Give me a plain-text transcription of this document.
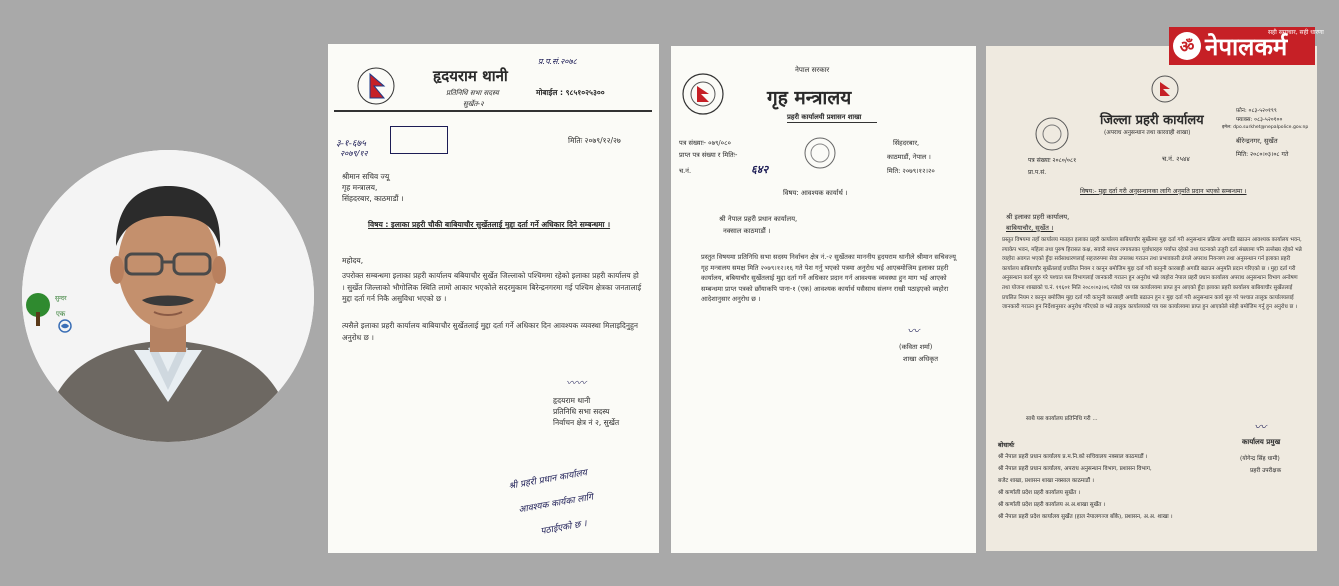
सुन्दर
एक
हृदयराम थानी
प्र.प.सं.२०७८
प्रतिनिधि सभा सदस्य
सुर्खेत-२
मोबाईल : ९८५१०२५३००
३-१-६७५
२०७९/१२
मितिः २०७९/१२/२७
श्रीमान सचिव ज्यू
गृह मन्त्रालय,
सिंहदरबार, काठमाडौं ।
विषय : इलाका प्रहरी चौकी बाबियाचौर सुर्खेतलाई मुद्दा दर्ता गर्ने अधिकार दिने सम्बन्धमा ।
महोदय,
उपरोक्त सम्बन्धमा इलाका प्रहरी कार्यालय बबियाचौर सुर्खेत जिल्लाको पश्चिममा रहेको इलाका प्रहरी कार्यालय हो । सुर्खेत जिल्लाको भौगोलिक स्थिति लामो आकार भएकोले सदरमुकाम बिरेन्द्रनगरमा गई पश्चिम क्षेत्रका जनतालाई मुद्दा दर्ता गर्न निकै असुविधा भएको छ ।
त्यसैले इलाका प्रहरी कार्यालय बाबियाचौर सुर्खेतलाई मुद्दा दर्ता गर्ने अधिकार दिन आवश्यक व्यवस्था मिलाइदिनुहुन अनुरोध छ ।
〰〰
हृदयराम थानी
प्रतिनिधि सभा सदस्य
निर्वाचन क्षेत्र नं २, सुर्खेत
श्री प्रहरी प्रधान कार्यालय
आवश्यक कार्यका लागि
पठाईएको छ ।
नेपाल सरकार
गृह मन्त्रालय
प्रहरी कार्यालयी प्रशासन शाखा
पत्र संख्याः- ०७९/०८०
प्राप्त पत्र संख्या र मितिः-
च.नं.	६४२
सिंहदरबार,
काठमाडौं, नेपाल ।
मिति: २०७९।१२।२०
विषय: आवश्यक कार्यार्थ ।
श्री नेपाल प्रहरी प्रधान कार्यालय,
नक्साल काठमाडौं ।
प्रस्तुत विषयमा प्रतिनिधि सभा सदस्य निर्वाचन क्षेत्र नं.-२ सुर्खेतका माननीय हृदयराम थानीले श्रीमान सचिवज्यू गृह मन्त्रालय समक्ष मिति २०७९।१२।१६ गते पेश गर्नु भएको पत्रमा अनुरोध भई आएबमोजिम इलाका प्रहरी कार्यालय, बबियाचौर सुर्खेतलाई मुद्दा दर्ता गर्ने अधिकार प्रदान गर्न आवश्यक व्यवस्था हुन माग भई आएको सम्बन्धमा प्राप्त पत्रको छाँयाकपि पाना-१ (एक) आवश्यक कार्यार्थ यसैसाथ संलग्न राखी पठाइएको व्यहोरा आदेशानुसार अनुरोध छ ।
〰
(कविता शर्मा)
शाखा अधिकृत
जिल्ला प्रहरी कार्यालय
(अपराध अनुसन्धान तथा कारवाही शाखा)
बीरेन्द्रनगर, सुर्खेत
फ़ोन: ०८३-५२०१९९
फ्याक्स: ०८३-५२०१००
इमेल: dpo.surkhet@nepalpolice.gov.np
पत्र संख्याः २०८०/०८१
प्रा.प.सं.
च.नं. २५४४
मिति: २०८०।०३।०८ गते
विषय:- मुद्दा दर्ता गरी अनुसन्धानका लागि अनुमति प्रदान भएको सम्बन्धमा ।
श्री इलाका प्रहरी कार्यालय,
बाबियाचौर, सुर्खेत ।
प्रस्तुत विषयमा तहाँ कार्यालय मातहत इलाका प्रहरी कार्यालय बाबियाचौर सुर्खेतमा मुद्दा दर्ता गरी अनुसन्धान प्रक्रिया अगाडि बढाउन आवश्यक कार्यालय भवन, ल्याकेप भवन, महिला तथा पुरुष हिरासत कक्ष, सवारी साधन लगायतका पूर्वाधारहरु पर्याप्त रहेको तथा घटनाको उजुरी दर्ता संख्यामा पनि उल्लेख्य रहेको भन्ने व्यहोरा अवगत भएको हुँदा सर्वसाधारणलाई सहजरुपमा सेवा उपलब्ध गराउन तथा प्रभावकारी ढंगले अपराध नियन्त्रण तथा अनुसन्धान गर्न इलाका प्रहरी कार्यालय बाबियाचौर सुर्खेतलाई प्रचलित नियम र कानून बमोजिम मुद्दा दर्ता गरी कानुनी कारबाही अगाडि बढाउन अनुमति प्रदान गरिएको छ । मुद्दा दर्ता गरी अनुसन्धान कार्य सुरु गरे पश्चात यस विभागलाई जानकारी गराउन हुन अनुरोध भन्ने व्यहोरा नेपाल प्रहरी प्रधान कार्यालय अपराध अनुसन्धान विभाग अन्वेषण तथा योजना शाखाको च.नं. ११६०१ मिति २०८०।०३।०६ गतेको पत्र यस कार्यालयमा प्राप्त हुन आएको हुँदा इलाका प्रहरी कार्यालय बाबियाचौर सुर्खेतलाई प्रचलित नियम र कानून बमोजिम मुद्दा दर्ता गरी कानुनी कारबाही अगाडि बढाउन हुन र मुद्दा दर्ता गरी अनुसन्धान कार्य सुरु गरे पश्चात तालुक कार्यालयलाई जानकारी गराउन हुन निर्देशानुसार अनुरोध गरिएको छ भन्ने तालुक कार्यालयको पत्र यस कार्यालयमा प्राप्त हुन आएकोले सोही बमोजिम गर्नु हुन अनुरोध छ ।
साथै यस कार्यालय प्रतिनिधि गरी ...
बोधार्थः
श्री नेपाल प्रहरी प्रधान कार्यालय प्र.म.नि.को सचिवालय नक्साल काठमाडौं ।
श्री नेपाल प्रहरी प्रधान कार्यालय, अपराध अनुसन्धान विभाग, प्रशासन विभाग,
बजेट शाखा, प्रशासन शाखा नक्साल काठमाडौं ।
श्री कर्णाली प्रदेश प्रहरी कार्यालय सुर्खेत ।
श्री कर्णाली प्रदेश प्रहरी कार्यालय अ.अ.शाखा सुर्खेत ।
श्री नेपाल प्रहरी प्रदेश कार्यालय सुर्खेत (हाल नेपालगञ्ज बाँके), प्रशासन, अ.अ. शाखा ।
〰
कार्यालय प्रमुख
(योगेन्द्र सिंह धामी)
प्रहरी उपरीक्षक
ॐ नेपालकर्म
सही समाचार, सही धारणा
